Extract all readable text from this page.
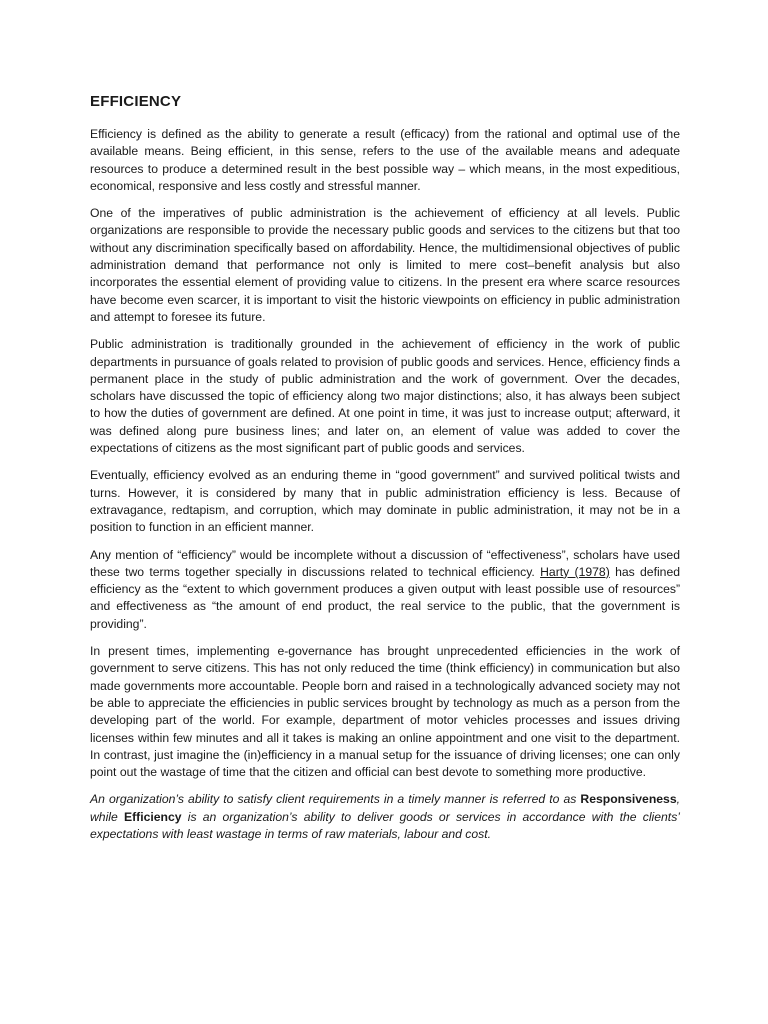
EFFICIENCY

Efficiency is defined as the ability to generate a result (efficacy) from the rational and optimal use of the available means. Being efficient, in this sense, refers to the use of the available means and adequate resources to produce a determined result in the best possible way – which means, in the most expeditious, economical, responsive and less costly and stressful manner.

One of the imperatives of public administration is the achievement of efficiency at all levels. Public organizations are responsible to provide the necessary public goods and services to the citizens but that too without any discrimination specifically based on affordability. Hence, the multidimensional objectives of public administration demand that performance not only is limited to mere cost–benefit analysis but also incorporates the essential element of providing value to citizens. In the present era where scarce resources have become even scarcer, it is important to visit the historic viewpoints on efficiency in public administration and attempt to foresee its future.

Public administration is traditionally grounded in the achievement of efficiency in the work of public departments in pursuance of goals related to provision of public goods and services. Hence, efficiency finds a permanent place in the study of public administration and the work of government. Over the decades, scholars have discussed the topic of efficiency along two major distinctions; also, it has always been subject to how the duties of government are defined. At one point in time, it was just to increase output; afterward, it was defined along pure business lines; and later on, an element of value was added to cover the expectations of citizens as the most significant part of public goods and services.

Eventually, efficiency evolved as an enduring theme in “good government” and survived political twists and turns. However, it is considered by many that in public administration efficiency is less. Because of extravagance, redtapism, and corruption, which may dominate in public administration, it may not be in a position to function in an efficient manner.

Any mention of “efficiency” would be incomplete without a discussion of “effectiveness”, scholars have used these two terms together specially in discussions related to technical efficiency. Harty (1978) has defined efficiency as the “extent to which government produces a given output with least possible use of resources” and effectiveness as “the amount of end product, the real service to the public, that the government is providing”.

In present times, implementing e-governance has brought unprecedented efficiencies in the work of government to serve citizens. This has not only reduced the time (think efficiency) in communication but also made governments more accountable. People born and raised in a technologically advanced society may not be able to appreciate the efficiencies in public services brought by technology as much as a person from the developing part of the world. For example, department of motor vehicles processes and issues driving licenses within few minutes and all it takes is making an online appointment and one visit to the department. In contrast, just imagine the (in)efficiency in a manual setup for the issuance of driving licenses; one can only point out the wastage of time that the citizen and official can best devote to something more productive.

An organization’s ability to satisfy client requirements in a timely manner is referred to as Responsiveness, while Efficiency is an organization’s ability to deliver goods or services in accordance with the clients’ expectations with least wastage in terms of raw materials, labour and cost.
